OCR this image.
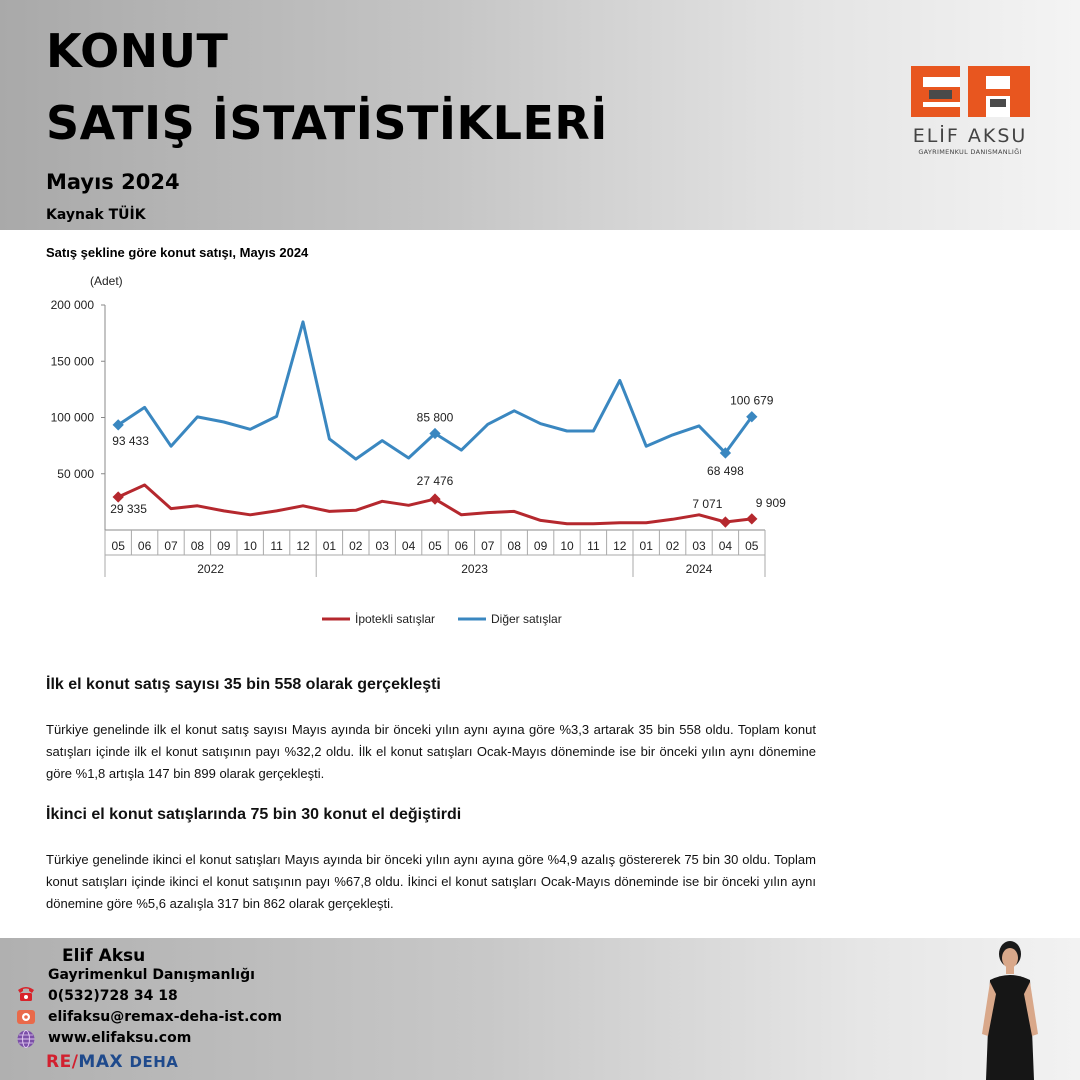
KONUT
SATIŞ İSTATİSTİKLERİ
Mayıs 2024
Kaynak TÜİK
ELİF AKSU
GAYRIMENKUL DANISMANLIĞI
Satış şekline göre konut satışı, Mayıs 2024
(Adet)
50 000
100 000
150 000
200 000
05 06 07 08 09 10 11 12 01 02 03 04 05 06 07 08 09 10 11 12 01 02 03 04 05
2022	2023	2024
29 335
27 476
7 071	9 909
93 433
85 800
68 498
100 679
İpotekli satışlar	Diğer satışlar
İlk el konut satış sayısı 35 bin 558 olarak gerçekleşti
Türkiye genelinde ilk el konut satış sayısı Mayıs ayında bir önceki yılın aynı ayına göre %3,3 artarak 35 bin 558 oldu. Toplam konut satışları içinde ilk el konut satışının payı %32,2 oldu. İlk el konut satışları Ocak-Mayıs döneminde ise bir önceki yılın aynı dönemine göre %1,8 artışla 147 bin 899 olarak gerçekleşti.
İkinci el konut satışlarında 75 bin 30 konut el değiştirdi
Türkiye genelinde ikinci el konut satışları Mayıs ayında bir önceki yılın aynı ayına göre %4,9 azalış göstererek 75 bin 30 oldu. Toplam konut satışları içinde ikinci el konut satışının payı %67,8 oldu. İkinci el konut satışları Ocak-Mayıs döneminde ise bir önceki yılın aynı dönemine göre %5,6 azalışla 317 bin 862 olarak gerçekleşti.
Elif Aksu
Gayrimenkul Danışmanlığı
0(532)728 34 18
elifaksu@remax-deha-ist.com
www.elifaksu.com
RE/MAX DEHA
